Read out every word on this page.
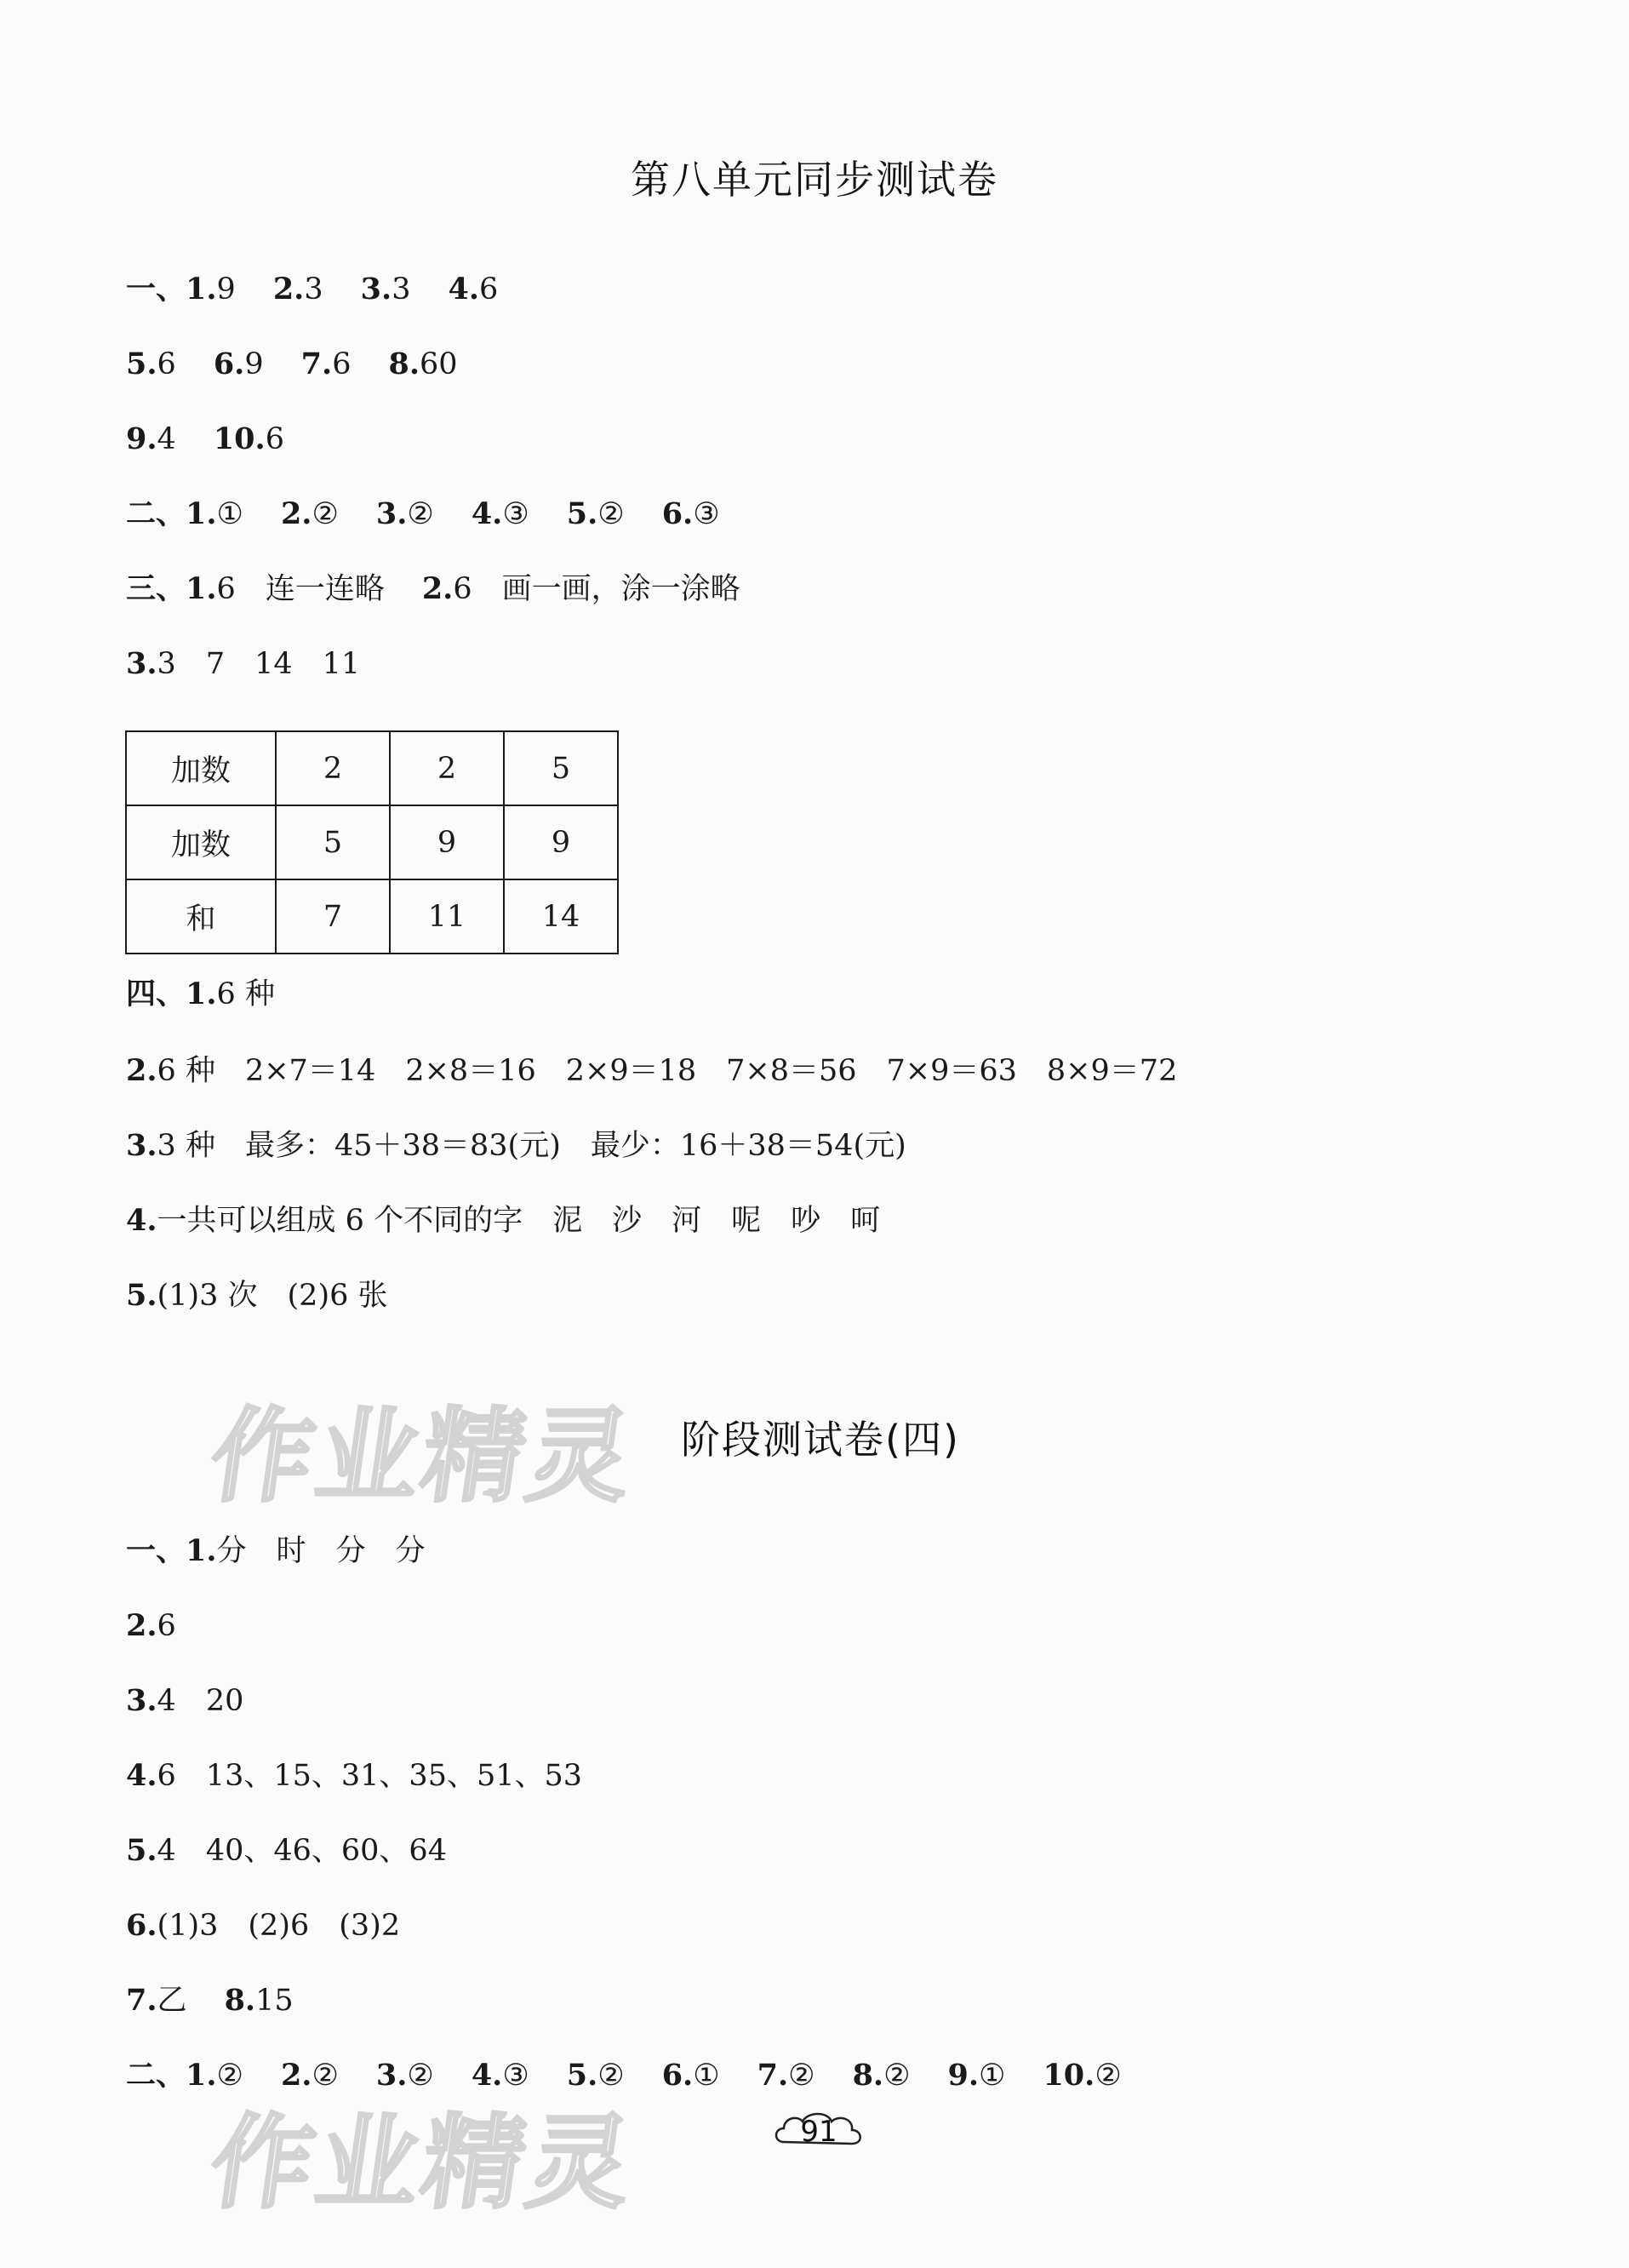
第八单元同步测试卷
一、1.9 2.3 3.3 4.6
5.6 6.9 7.6 8.60
9.4 10.6
二、1.① 2.② 3.② 4.③ 5.② 6.③
三、1.6　连一连略 2.6　画一画，涂一涂略
3.3　7　14　11
加数	2	2	5
加数	5	9	9
和	7	11	14
四、1.6 种
2.6 种　2×7＝14　2×8＝16　2×9＝18　7×8＝56　7×9＝63　8×9＝72
3.3 种　最多：45＋38＝83(元)　最少：16＋38＝54(元)
4.一共可以组成 6 个不同的字　泥　沙　河　呢　吵　呵
5.(1)3 次　(2)6 张
作业精灵 阶段测试卷(四)
一、1.分　时　分　分
2.6
3.4　20
4.6　13、15、31、35、51、53
5.4　40、46、60、64
6.(1)3　(2)6　(3)2
7.乙 8.15
二、1.② 2.② 3.② 4.③ 5.② 6.① 7.② 8.② 9.① 10.②
作业精灵	91
